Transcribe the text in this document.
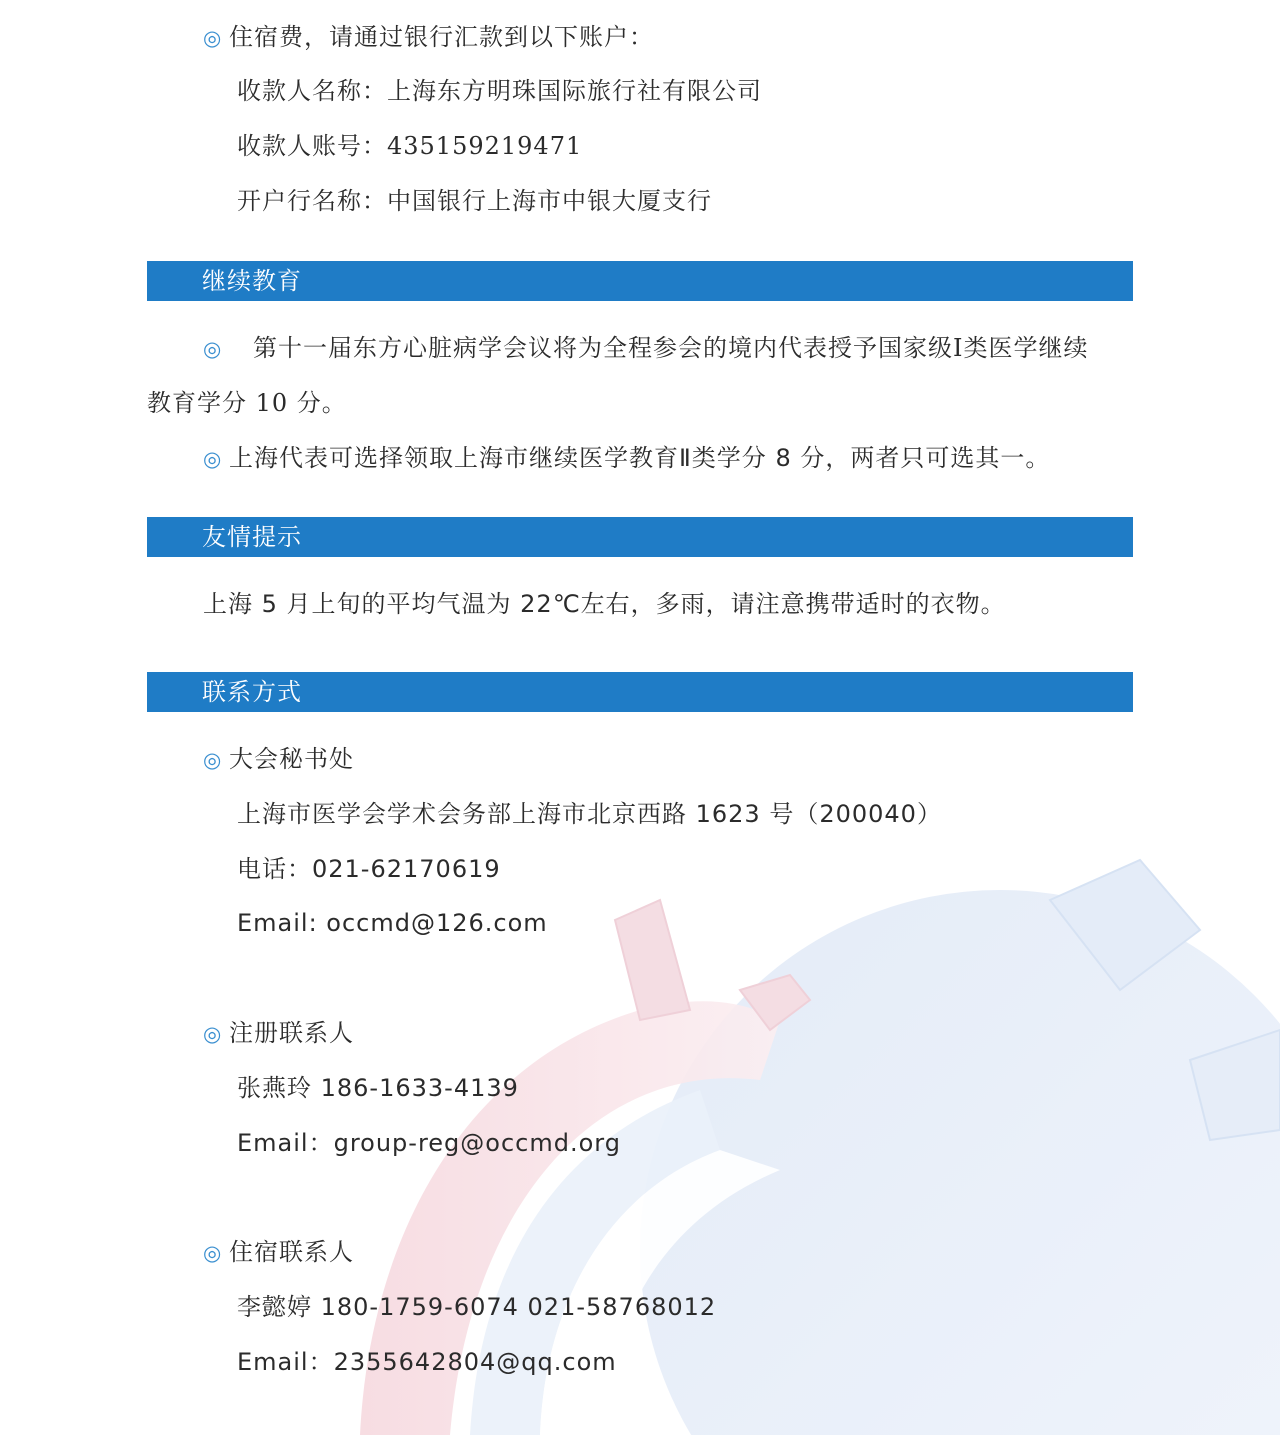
◎ 住宿费，请通过银行汇款到以下账户：
收款人名称：上海东方明珠国际旅行社有限公司
收款人账号：435159219471
开户行名称：中国银行上海市中银大厦支行
继续教育
◎ 第十一届东方心脏病学会议将为全程参会的境内代表授予国家级I类医学继续
教育学分 10 分。
◎ 上海代表可选择领取上海市继续医学教育Ⅱ类学分 8 分，两者只可选其一。
友情提示
上海 5 月上旬的平均气温为 22℃左右，多雨，请注意携带适时的衣物。
联系方式
◎ 大会秘书处
上海市医学会学术会务部上海市北京西路 1623 号（200040）
电话：021-62170619
Email: occmd@126.com
◎ 注册联系人
张燕玲 186-1633-4139
Email：group-reg@occmd.org
◎ 住宿联系人
李懿婷 180-1759-6074 021-58768012
Email：2355642804@qq.com
